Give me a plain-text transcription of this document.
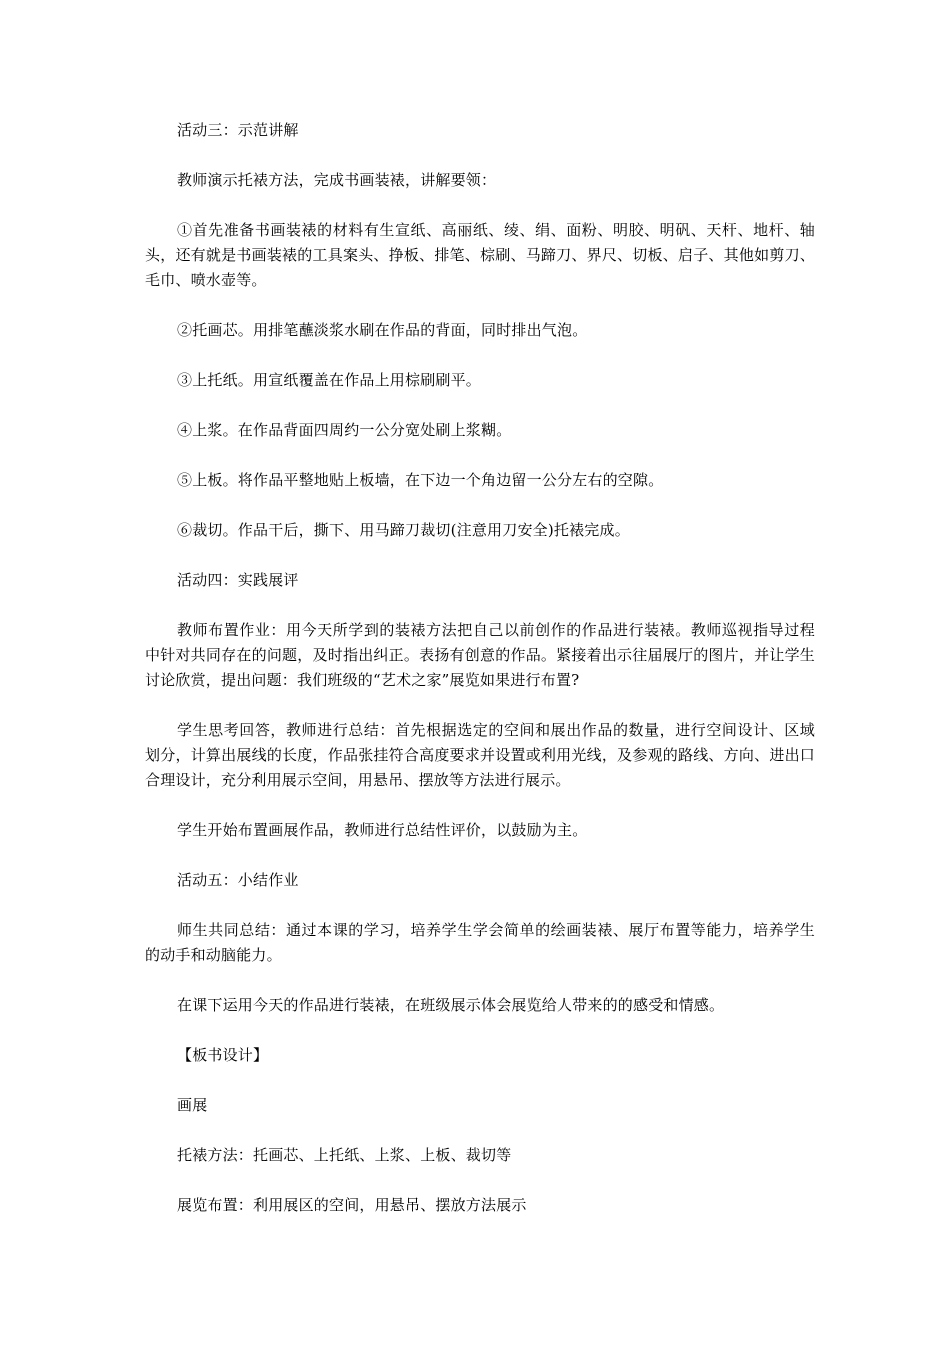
活动三：示范讲解

教师演示托裱方法，完成书画装裱，讲解要领：

①首先准备书画装裱的材料有生宣纸、高丽纸、绫、绢、面粉、明胶、明矾、天杆、地杆、轴头，还有就是书画装裱的工具案头、挣板、排笔、棕刷、马蹄刀、界尺、切板、启子、其他如剪刀、毛巾、喷水壶等。

②托画芯。用排笔蘸淡浆水刷在作品的背面，同时排出气泡。

③上托纸。用宣纸覆盖在作品上用棕刷刷平。

④上浆。在作品背面四周约一公分宽处刷上浆糊。

⑤上板。将作品平整地贴上板墙，在下边一个角边留一公分左右的空隙。

⑥裁切。作品干后，撕下、用马蹄刀裁切(注意用刀安全)托裱完成。

活动四：实践展评

教师布置作业：用今天所学到的装裱方法把自己以前创作的作品进行装裱。教师巡视指导过程中针对共同存在的问题，及时指出纠正。表扬有创意的作品。紧接着出示往届展厅的图片，并让学生讨论欣赏，提出问题：我们班级的“艺术之家”展览如果进行布置?

学生思考回答，教师进行总结：首先根据选定的空间和展出作品的数量，进行空间设计、区域划分，计算出展线的长度，作品张挂符合高度要求并设置或利用光线，及参观的路线、方向、进出口合理设计，充分利用展示空间，用悬吊、摆放等方法进行展示。

学生开始布置画展作品，教师进行总结性评价，以鼓励为主。

活动五：小结作业

师生共同总结：通过本课的学习，培养学生学会简单的绘画装裱、展厅布置等能力，培养学生的动手和动脑能力。

在课下运用今天的作品进行装裱，在班级展示体会展览给人带来的的感受和情感。

【板书设计】

画展

托裱方法：托画芯、上托纸、上浆、上板、裁切等

展览布置：利用展区的空间，用悬吊、摆放方法展示
